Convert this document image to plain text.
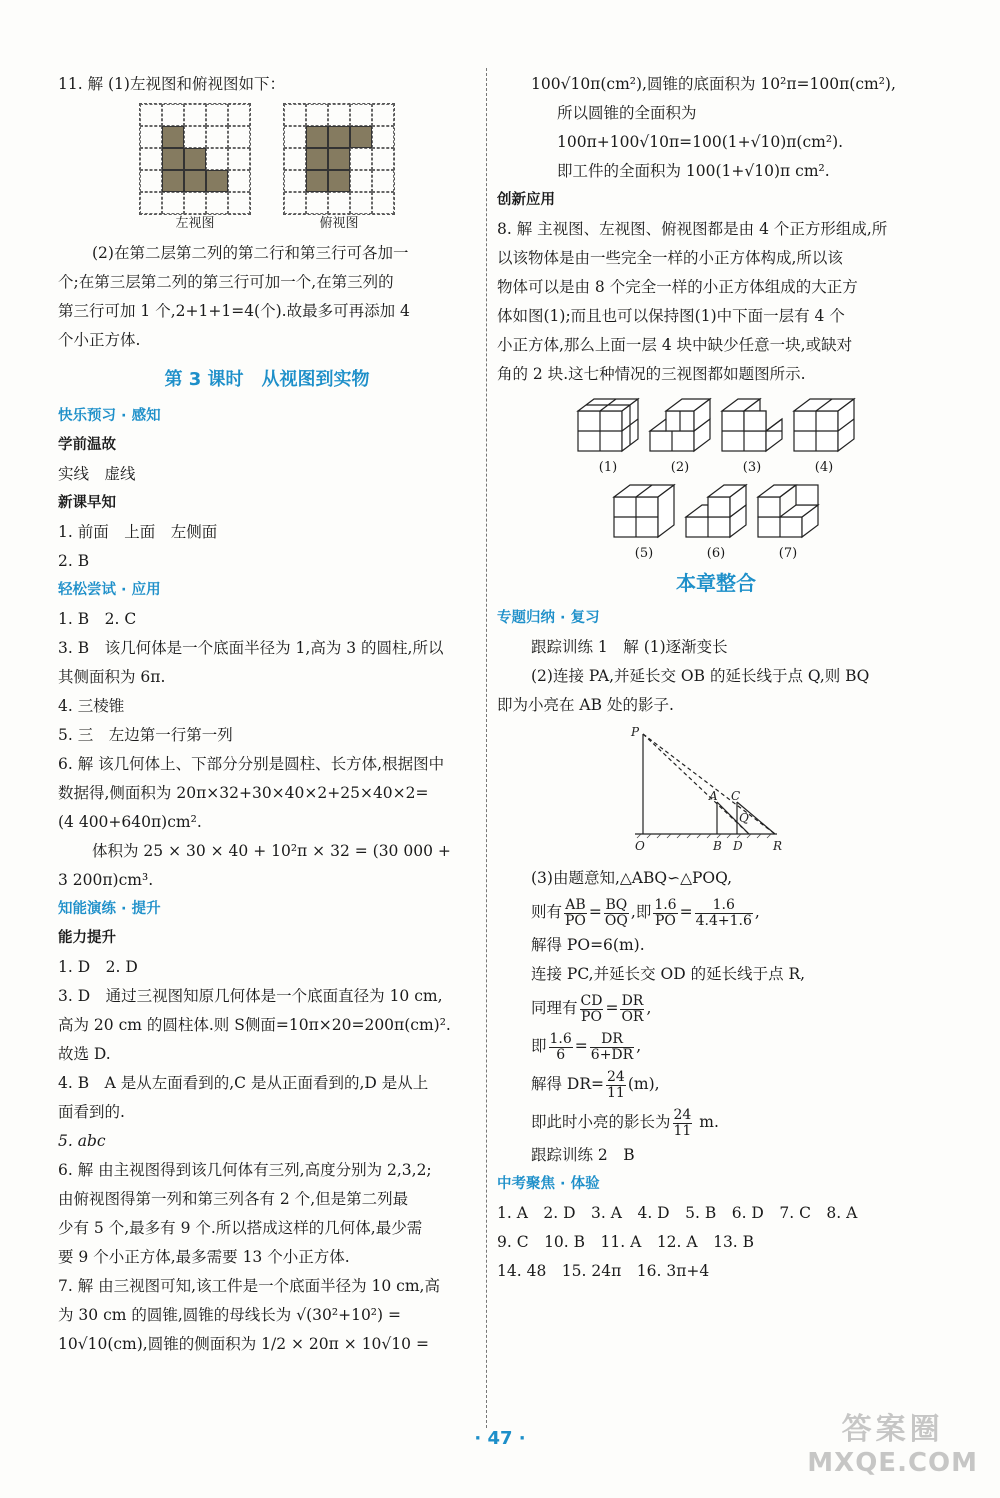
11. 解 (1)左视图和俯视图如下：
左视图	俯视图
(2)在第二层第二列的第二行和第三行可各加一
个;在第三层第二列的第三行可加一个,在第三列的
第三行可加 1 个,2+1+1=4(个).故最多可再添加 4
个小正方体.
第 3 课时　从视图到实物
快乐预习 · 感知
学前温故
实线　虚线
新课早知
1. 前面　上面　左侧面
2. B
轻松尝试 · 应用
1. B　2. C
3. B　该几何体是一个底面半径为 1,高为 3 的圆柱,所以
其侧面积为 6π.
4. 三棱锥
5. 三　左边第一行第一列
6. 解 该几何体上、下部分分别是圆柱、长方体,根据图中
数据得,侧面积为 20π×32+30×40×2+25×40×2=
(4 400+640π)cm².
体积为 25 × 30 × 40 + 10²π × 32 = (30 000 +
3 200π)cm³.
知能演练 · 提升
能力提升
1. D　2. D
3. D　通过三视图知原几何体是一个底面直径为 10 cm,
高为 20 cm 的圆柱体.则 S侧面=10π×20=200π(cm)².
故选 D.
4. B　A 是从左面看到的,C 是从正面看到的,D 是从上
面看到的.
5. abc
6. 解 由主视图得到该几何体有三列,高度分别为 2,3,2;
由俯视图得第一列和第三列各有 2 个,但是第二列最
少有 5 个,最多有 9 个.所以搭成这样的几何体,最少需
要 9 个小正方体,最多需要 13 个小正方体.
7. 解 由三视图可知,该工件是一个底面半径为 10 cm,高
为 30 cm 的圆锥,圆锥的母线长为 √(30²+10²) =
10√10(cm),圆锥的侧面积为 1/2 × 20π × 10√10 =
100√10π(cm²),圆锥的底面积为 10²π=100π(cm²),
所以圆锥的全面积为
100π+100√10π=100(1+√10)π(cm²).
即工件的全面积为 100(1+√10)π cm².
创新应用
8. 解 主视图、左视图、俯视图都是由 4 个正方形组成,所
以该物体是由一些完全一样的小正方体构成,所以该
物体可以是由 8 个完全一样的小正方体组成的大正方
体如图(1);而且也可以保持图(1)中下面一层有 4 个
小正方体,那么上面一层 4 块中缺少任意一块,或缺对
角的 2 块.这七种情况的三视图都如题图所示.
(1)	(2)	(3)	(4)
(5)	(6)	(7)
本章整合
专题归纳 · 复习
跟踪训练 1　解 (1)逐渐变长
(2)连接 PA,并延长交 OB 的延长线于点 Q,则 BQ
即为小亮在 AB 处的影子.
P
A C
Q
O	B D	R
(3)由题意知,△ABQ∽△POQ,
则有 $\frac{AB}{PO} = \frac{BQ}{OQ}$ ,即 $\frac{1.6}{PO} = \frac{1.6}{4.4+1.6}$ ,
解得 PO=6(m).
连接 PC,并延长交 OD 的延长线于点 R,
同理有 $\frac{CD}{PO} = \frac{DR}{OR}$ ,
即 $\frac{1.6}{6} = \frac{DR}{6+DR}$ ,
解得 $DR= \frac{24}{11} (m)$,
即此时小亮的影长为 $\frac{24}{11} m$.
跟踪训练 2　B
中考聚焦 · 体验
1. A　2. D　3. A　4. D　5. B　6. D　7. C　8. A
9. C　10. B　11. A　12. A　13. B
14. 48　15. 24π　16. 3π+4
· 47 ·	答案圈
MXQE.COM
